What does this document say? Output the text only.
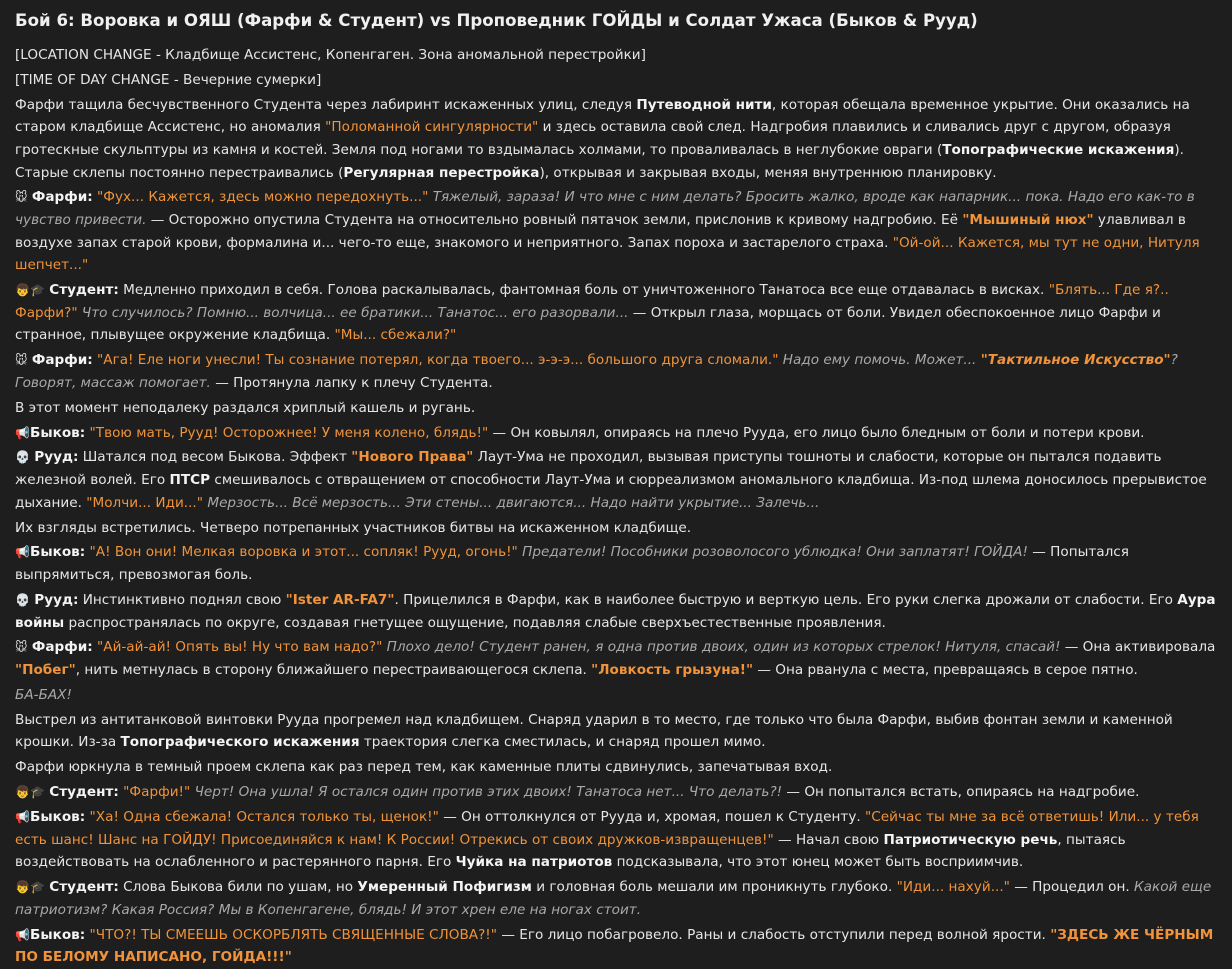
Бой 6: Воровка и ОЯШ (Фарфи & Студент) vs Проповедник ГОЙДЫ и Солдат Ужаса (Быков & Рууд)

[LOCATION CHANGE - Кладбище Ассистенс, Копенгаген. Зона аномальной перестройки]

[TIME OF DAY CHANGE - Вечерние сумерки]

Фарфи тащила бесчувственного Студента через лабиринт искаженных улиц, следуя Путеводной нити, которая обещала временное укрытие. Они оказались на старом кладбище Ассистенс, но аномалия "Поломанной сингулярности" и здесь оставила свой след. Надгробия плавились и сливались друг с другом, образуя гротескные скульптуры из камня и костей. Земля под ногами то вздымалась холмами, то проваливалась в неглубокие овраги (Топографические искажения). Старые склепы постоянно перестраивались (Регулярная перестройка), открывая и закрывая входы, меняя внутреннюю планировку.

🐭 Фарфи: "Фух... Кажется, здесь можно передохнуть..." Тяжелый, зараза! И что мне с ним делать? Бросить жалко, вроде как напарник... пока. Надо его как-то в чувство привести. — Осторожно опустила Студента на относительно ровный пятачок земли, прислонив к кривому надгробию. Её "Мышиный нюх" улавливал в воздухе запах старой крови, формалина и... чего-то еще, знакомого и неприятного. Запах пороха и застарелого страха. "Ой-ой... Кажется, мы тут не одни, Нитуля шепчет..."

👦🎓 Студент: Медленно приходил в себя. Голова раскалывалась, фантомная боль от уничтоженного Танатоса все еще отдавалась в висках. "Блять... Где я?.. Фарфи?" Что случилось? Помню... волчица... ее братики... Танатос... его разорвали... — Открыл глаза, морщась от боли. Увидел обеспокоенное лицо Фарфи и странное, плывущее окружение кладбища. "Мы... сбежали?"

🐭 Фарфи: "Ага! Еле ноги унесли! Ты сознание потерял, когда твоего... э-э-э... большого друга сломали." Надо ему помочь. Может... "Тактильное Искусство"? Говорят, массаж помогает. — Протянула лапку к плечу Студента.

В этот момент неподалеку раздался хриплый кашель и ругань.

📢Быков: "Твою мать, Рууд! Осторожнее! У меня колено, блядь!" — Он ковылял, опираясь на плечо Рууда, его лицо было бледным от боли и потери крови.

💀 Рууд: Шатался под весом Быкова. Эффект "Нового Права" Лаут-Ума не проходил, вызывая приступы тошноты и слабости, которые он пытался подавить железной волей. Его ПТСР смешивалось с отвращением от способности Лаут-Ума и сюрреализмом аномального кладбища. Из-под шлема доносилось прерывистое дыхание. "Молчи... Иди..." Мерзость... Всё мерзость... Эти стены... двигаются... Надо найти укрытие... Залечь...

Их взгляды встретились. Четверо потрепанных участников битвы на искаженном кладбище.

📢Быков: "А! Вон они! Мелкая воровка и этот... сопляк! Рууд, огонь!" Предатели! Пособники розоволосого ублюдка! Они заплатят! ГОЙДА! — Попытался выпрямиться, превозмогая боль.

💀 Рууд: Инстинктивно поднял свою "Ister AR-FA7". Прицелился в Фарфи, как в наиболее быструю и верткую цель. Его руки слегка дрожали от слабости. Его Аура войны распространялась по округе, создавая гнетущее ощущение, подавляя слабые сверхъестественные проявления.

🐭 Фарфи: "Ай-ай-ай! Опять вы! Ну что вам надо?" Плохо дело! Студент ранен, я одна против двоих, один из которых стрелок! Нитуля, спасай! — Она активировала "Побег", нить метнулась в сторону ближайшего перестраивающегося склепа. "Ловкость грызуна!" — Она рванула с места, превращаясь в серое пятно.

БА-БАХ!

Выстрел из антитанковой винтовки Рууда прогремел над кладбищем. Снаряд ударил в то место, где только что была Фарфи, выбив фонтан земли и каменной крошки. Из-за Топографического искажения траектория слегка сместилась, и снаряд прошел мимо.

Фарфи юркнула в темный проем склепа как раз перед тем, как каменные плиты сдвинулись, запечатывая вход.

👦🎓 Студент: "Фарфи!" Черт! Она ушла! Я остался один против этих двоих! Танатоса нет... Что делать?! — Он попытался встать, опираясь на надгробие.

📢Быков: "Ха! Одна сбежала! Остался только ты, щенок!" — Он оттолкнулся от Рууда и, хромая, пошел к Студенту. "Сейчас ты мне за всё ответишь! Или... у тебя есть шанс! Шанс на ГОЙДУ! Присоединяйся к нам! К России! Отрекись от своих дружков-извращенцев!" — Начал свою Патриотическую речь, пытаясь воздействовать на ослабленного и растерянного парня. Его Чуйка на патриотов подсказывала, что этот юнец может быть восприимчив.

👦🎓 Студент: Слова Быкова били по ушам, но Умеренный Пофигизм и головная боль мешали им проникнуть глубоко. "Иди... нахуй..." — Процедил он. Какой еще патриотизм? Какая Россия? Мы в Копенгагене, блядь! И этот хрен еле на ногах стоит.

📢Быков: "ЧТО?! ТЫ СМЕЕШЬ ОСКОРБЛЯТЬ СВЯЩЕННЫЕ СЛОВА?!" — Его лицо побагровело. Раны и слабость отступили перед волной ярости. "ЗДЕСЬ ЖЕ ЧЁРНЫМ ПО БЕЛОМУ НАПИСАНО, ГОЙДА!!!"
